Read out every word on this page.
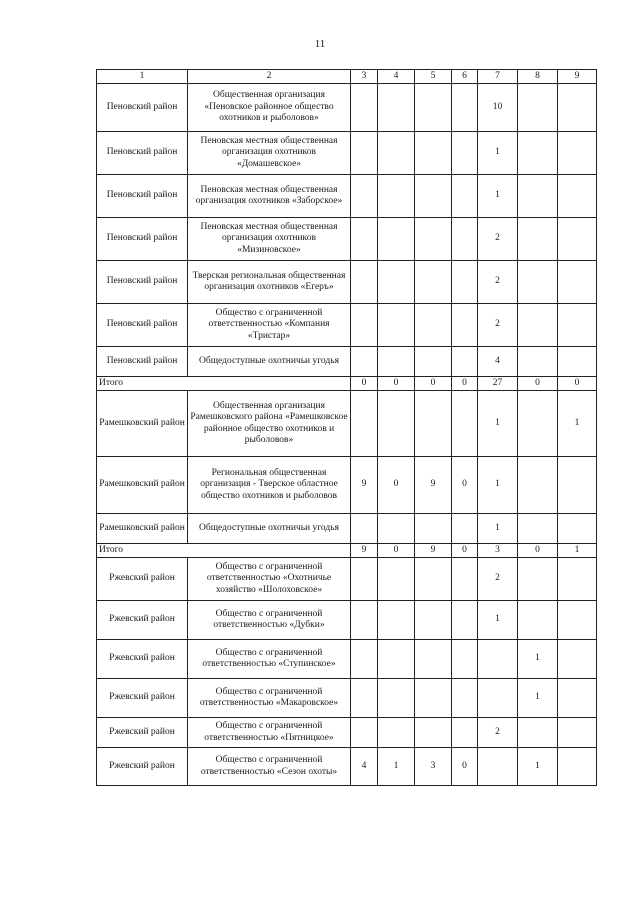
11
1	2	3	4	5	6	7	8	9
Пеновский район	Общественная организация «Пеновское районное общество охотников и рыболовов»					10		
Пеновский район	Пеновская местная общественная организация охотников «Домашевское»					1		
Пеновский район	Пеновская местная общественная организация охотников «Заборское»					1		
Пеновский район	Пеновская местная общественная организация охотников «Мизиновское»					2		
Пеновский район	Тверская региональная общественная организация охотников «Егеръ»					2		
Пеновский район	Общество с ограниченной ответственностью «Компания «Тристар»					2		
Пеновский район	Общедоступные охотничьи угодья					4		
Итого		0	0	0	0	27	0	0
Рамешковский район	Общественная организация Рамешковского района «Рамешковское районное общество охотников и рыболовов»					1		1
Рамешковский район	Региональная общественная организация - Тверское областное общество охотников и рыболовов	9	0	9	0	1		
Рамешковский район	Общедоступные охотничьи угодья					1		
Итого		9	0	9	0	3	0	1
Ржевский район	Общество с ограниченной ответственностью «Охотничье хозяйство «Шолоховское»					2		
Ржевский район	Общество с ограниченной ответственностью «Дубки»					1		
Ржевский район	Общество с ограниченной ответственностью «Ступинское»						1	
Ржевский район	Общество с ограниченной ответственностью «Макаровское»						1	
Ржевский район	Общество с ограниченной ответственностью «Пятницкое»					2		
Ржевский район	Общество с ограниченной ответственностью «Сезон охоты»	4	1	3	0		1	
